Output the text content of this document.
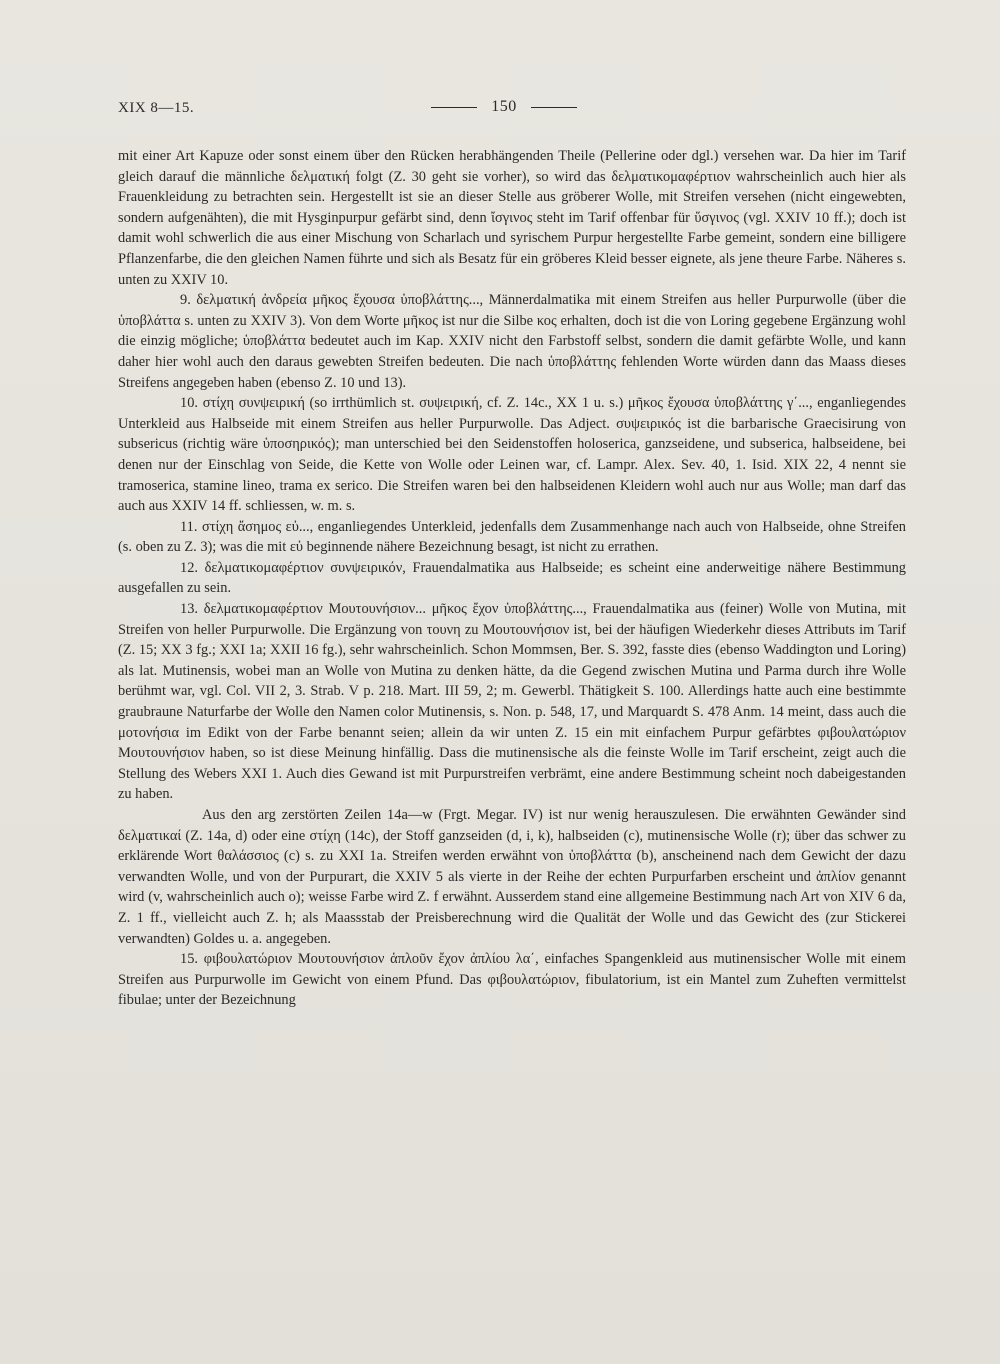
XIX 8—15.	150

mit einer Art Kapuze oder sonst einem über den Rücken herabhängenden Theile (Pellerine oder dgl.) versehen war. Da hier im Tarif gleich darauf die männliche δελματική folgt (Z. 30 geht sie vorher), so wird das δελματικομαφέρτιον wahrscheinlich auch hier als Frauenkleidung zu betrachten sein. Hergestellt ist sie an dieser Stelle aus gröberer Wolle, mit Streifen versehen (nicht eingewebten, sondern aufgenähten), die mit Hysginpurpur gefärbt sind, denn ἴσγινος steht im Tarif offenbar für ὕσγινος (vgl. XXIV 10 ff.); doch ist damit wohl schwerlich die aus einer Mischung von Scharlach und syrischem Purpur hergestellte Farbe gemeint, sondern eine billigere Pflanzenfarbe, die den gleichen Namen führte und sich als Besatz für ein gröberes Kleid besser eignete, als jene theure Farbe. Näheres s. unten zu XXIV 10.

9. δελματική ἀνδρεία μῆκος ἔχουσα ὑποβλάττης..., Männerdalmatika mit einem Streifen aus heller Purpurwolle (über die ὑποβλάττα s. unten zu XXIV 3). Von dem Worte μῆκος ist nur die Silbe κος erhalten, doch ist die von Loring gegebene Ergänzung wohl die einzig mögliche; ὑποβλάττα bedeutet auch im Kap. XXIV nicht den Farbstoff selbst, sondern die damit gefärbte Wolle, und kann daher hier wohl auch den daraus gewebten Streifen bedeuten. Die nach ὑποβλάττης fehlenden Worte würden dann das Maass dieses Streifens angegeben haben (ebenso Z. 10 und 13).

10. στίχη συνψειρική (so irrthümlich st. συψειρική, cf. Z. 14c., XX 1 u. s.) μῆκος ἔχουσα ὑποβλάττης γ΄..., enganliegendes Unterkleid aus Halbseide mit einem Streifen aus heller Purpurwolle. Das Adject. συψειρικός ist die barbarische Graecisirung von subsericus (richtig wäre ὑποσηρικός); man unterschied bei den Seidenstoffen holoserica, ganzseidene, und subserica, halbseidene, bei denen nur der Einschlag von Seide, die Kette von Wolle oder Leinen war, cf. Lampr. Alex. Sev. 40, 1. Isid. XIX 22, 4 nennt sie tramoserica, stamine lineo, trama ex serico. Die Streifen waren bei den halbseidenen Kleidern wohl auch nur aus Wolle; man darf das auch aus XXIV 14 ff. schliessen, w. m. s.

11. στίχη ἄσημος εὐ..., enganliegendes Unterkleid, jedenfalls dem Zusammenhange nach auch von Halbseide, ohne Streifen (s. oben zu Z. 3); was die mit εὐ beginnende nähere Bezeichnung besagt, ist nicht zu errathen.

12. δελματικομαφέρτιον συνψειρικόν, Frauendalmatika aus Halbseide; es scheint eine anderweitige nähere Bestimmung ausgefallen zu sein.

13. δελματικομαφέρτιον Μουτουνήσιον... μῆκος ἔχον ὑποβλάττης..., Frauendalmatika aus (feiner) Wolle von Mutina, mit Streifen von heller Purpurwolle. Die Ergänzung von τουνη zu Μουτουνήσιον ist, bei der häufigen Wiederkehr dieses Attributs im Tarif (Z. 15; XX 3 fg.; XXI 1a; XXII 16 fg.), sehr wahrscheinlich. Schon Mommsen, Ber. S. 392, fasste dies (ebenso Waddington und Loring) als lat. Mutinensis, wobei man an Wolle von Mutina zu denken hätte, da die Gegend zwischen Mutina und Parma durch ihre Wolle berühmt war, vgl. Col. VII 2, 3. Strab. V p. 218. Mart. III 59, 2; m. Gewerbl. Thätigkeit S. 100. Allerdings hatte auch eine bestimmte graubraune Naturfarbe der Wolle den Namen color Mutinensis, s. Non. p. 548, 17, und Marquardt S. 478 Anm. 14 meint, dass auch die μοτονήσια im Edikt von der Farbe benannt seien; allein da wir unten Z. 15 ein mit einfachem Purpur gefärbtes φιβουλατώριον Μουτουνήσιον haben, so ist diese Meinung hinfällig. Dass die mutinensische als die feinste Wolle im Tarif erscheint, zeigt auch die Stellung des Webers XXI 1. Auch dies Gewand ist mit Purpurstreifen verbrämt, eine andere Bestimmung scheint noch dabeigestanden zu haben.

Aus den arg zerstörten Zeilen 14a—w (Frgt. Megar. IV) ist nur wenig herauszulesen. Die erwähnten Gewänder sind δελματικαί (Z. 14a, d) oder eine στίχη (14c), der Stoff ganzseiden (d, i, k), halbseiden (c), mutinensische Wolle (r); über das schwer zu erklärende Wort θαλάσσιος (c) s. zu XXI 1a. Streifen werden erwähnt von ὑποβλάττα (b), anscheinend nach dem Gewicht der dazu verwandten Wolle, und von der Purpurart, die XXIV 5 als vierte in der Reihe der echten Purpurfarben erscheint und ἀπλίον genannt wird (v, wahrscheinlich auch o); weisse Farbe wird Z. f erwähnt. Ausserdem stand eine allgemeine Bestimmung nach Art von XIV 6 da, Z. 1 ff., vielleicht auch Z. h; als Maassstab der Preisberechnung wird die Qualität der Wolle und das Gewicht des (zur Stickerei verwandten) Goldes u. a. angegeben.

15. φιβουλατώριον Μουτουνήσιον ἁπλοῦν ἔχον ἀπλίου λα΄, einfaches Spangenkleid aus mutinensischer Wolle mit einem Streifen aus Purpurwolle im Gewicht von einem Pfund. Das φιβουλατώριον, fibulatorium, ist ein Mantel zum Zuheften vermittelst fibulae; unter der Bezeichnung
